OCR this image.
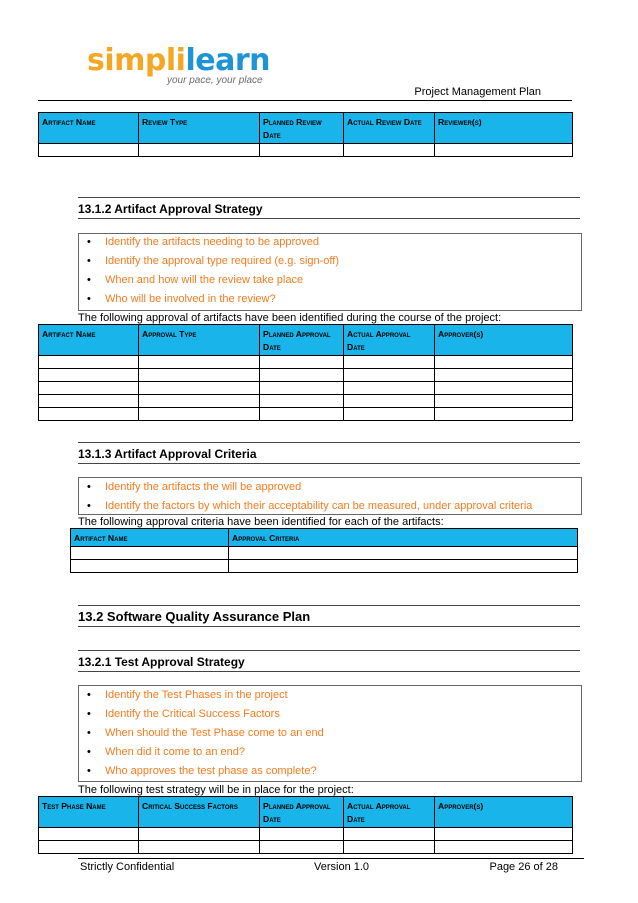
simplilearn
your pace, your place
Project Management Plan
Artifact Name	Review Type	Planned Review Date	Actual Review Date	Reviewer(s)

13.1.2 Artifact Approval Strategy
• Identify the artifacts needing to be approved
• Identify the approval type required (e.g. sign-off)
• When and how will the review take place
• Who will be involved in the review?
The following approval of artifacts have been identified during the course of the project:
Artifact Name	Approval Type	Planned Approval Date	Actual Approval Date	Approver(s)

13.1.3 Artifact Approval Criteria
• Identify the artifacts the will be approved
• Identify the factors by which their acceptability can be measured, under approval criteria
The following approval criteria have been identified for each of the artifacts:
Artifact Name	Approval Criteria

13.2 Software Quality Assurance Plan
13.2.1 Test Approval Strategy
• Identify the Test Phases in the project
• Identify the Critical Success Factors
• When should the Test Phase come to an end
• When did it come to an end?
• Who approves the test phase as complete?
The following test strategy will be in place for the project:
Test Phase Name	Critical Success Factors	Planned Approval Date	Actual Approval Date	Approver(s)

Strictly Confidential	Version 1.0	Page 26 of 28
